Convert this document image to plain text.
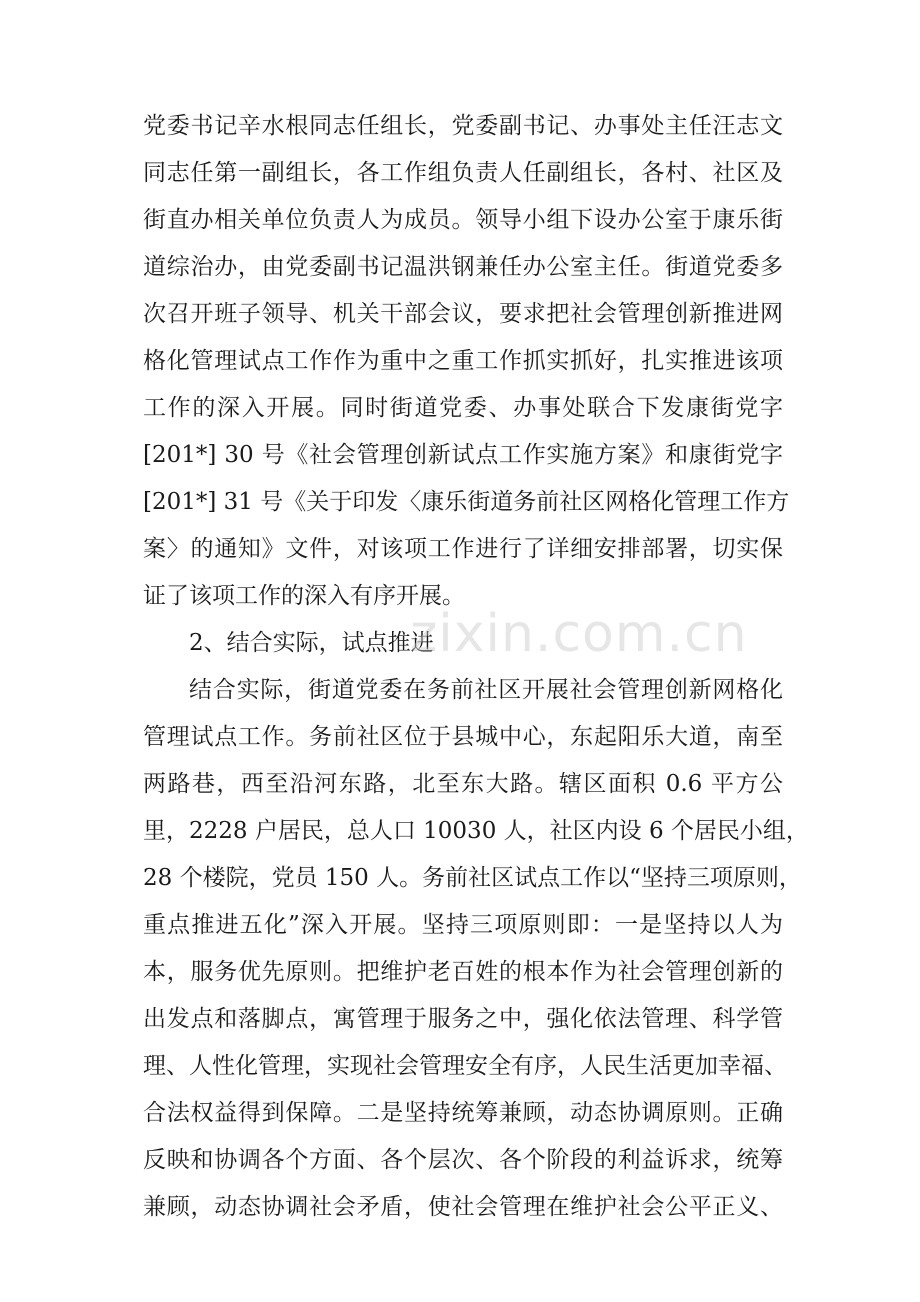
党委书记辛水根同志任组长，党委副书记、办事处主任汪志文
同志任第一副组长，各工作组负责人任副组长，各村、社区及
街直办相关单位负责人为成员。领导小组下设办公室于康乐街
道综治办，由党委副书记温洪钢兼任办公室主任。街道党委多
次召开班子领导、机关干部会议，要求把社会管理创新推进网
格化管理试点工作作为重中之重工作抓实抓好，扎实推进该项
工作的深入开展。同时街道党委、办事处联合下发康街党字
[201*] 30 号《社会管理创新试点工作实施方案》和康街党字
[201*] 31 号《关于印发〈康乐街道务前社区网格化管理工作方
案〉的通知》文件，对该项工作进行了详细安排部署，切实保
证了该项工作的深入有序开展。
2、结合实际，试点推进
结合实际，街道党委在务前社区开展社会管理创新网格化
管理试点工作。务前社区位于县城中心，东起阳乐大道，南至
两路巷，西至沿河东路，北至东大路。辖区面积 0.6 平方公
里，2228 户居民，总人口 10030 人，社区内设 6 个居民小组，
28 个楼院，党员 150 人。务前社区试点工作以“坚持三项原则，
重点推进五化”深入开展。坚持三项原则即：一是坚持以人为
本，服务优先原则。把维护老百姓的根本作为社会管理创新的
出发点和落脚点，寓管理于服务之中，强化依法管理、科学管
理、人性化管理，实现社会管理安全有序，人民生活更加幸福、
合法权益得到保障。二是坚持统筹兼顾，动态协调原则。正确
反映和协调各个方面、各个层次、各个阶段的利益诉求，统筹
兼顾，动态协调社会矛盾，使社会管理在维护社会公平正义、
zixin.com.cn
